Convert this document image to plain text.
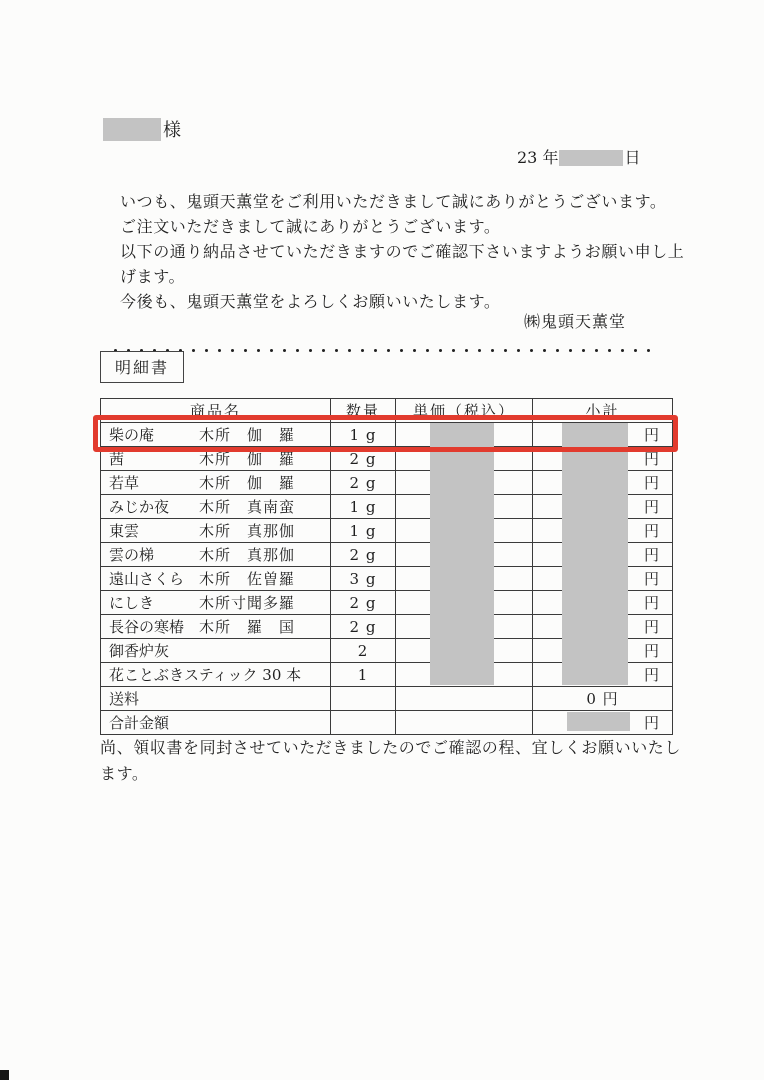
様
23 年	日
いつも、鬼頭天薫堂をご利用いただきまして誠にありがとうございます。
ご注文いただきまして誠にありがとうございます。
以下の通り納品させていただきますのでご確認下さいますようお願い申し上
げます。
今後も、鬼頭天薫堂をよろしくお願いいたします。
㈱鬼頭天薫堂
明細書
商品名	数量	単価（税込）	小計
柴の庵 木所　伽　羅	1 g		円
茜 木所　伽　羅	2 g		円
若草 木所　伽　羅	2 g		円
みじか夜 木所　真南蛮	1 g		円
東雲 木所　真那伽	1 g		円
雲の梯 木所　真那伽	2 g		円
遠山さくら 木所　佐曽羅	3 g		円
にしき 木所寸聞多羅	2 g		円
長谷の寒椿 木所　羅　国	2 g		円
御香炉灰	2		円
花ことぶきスティック 30 本	1		円
送料			0 円
合計金額			円
尚、領収書を同封させていただきましたのでご確認の程、宜しくお願いいたし
ます。
